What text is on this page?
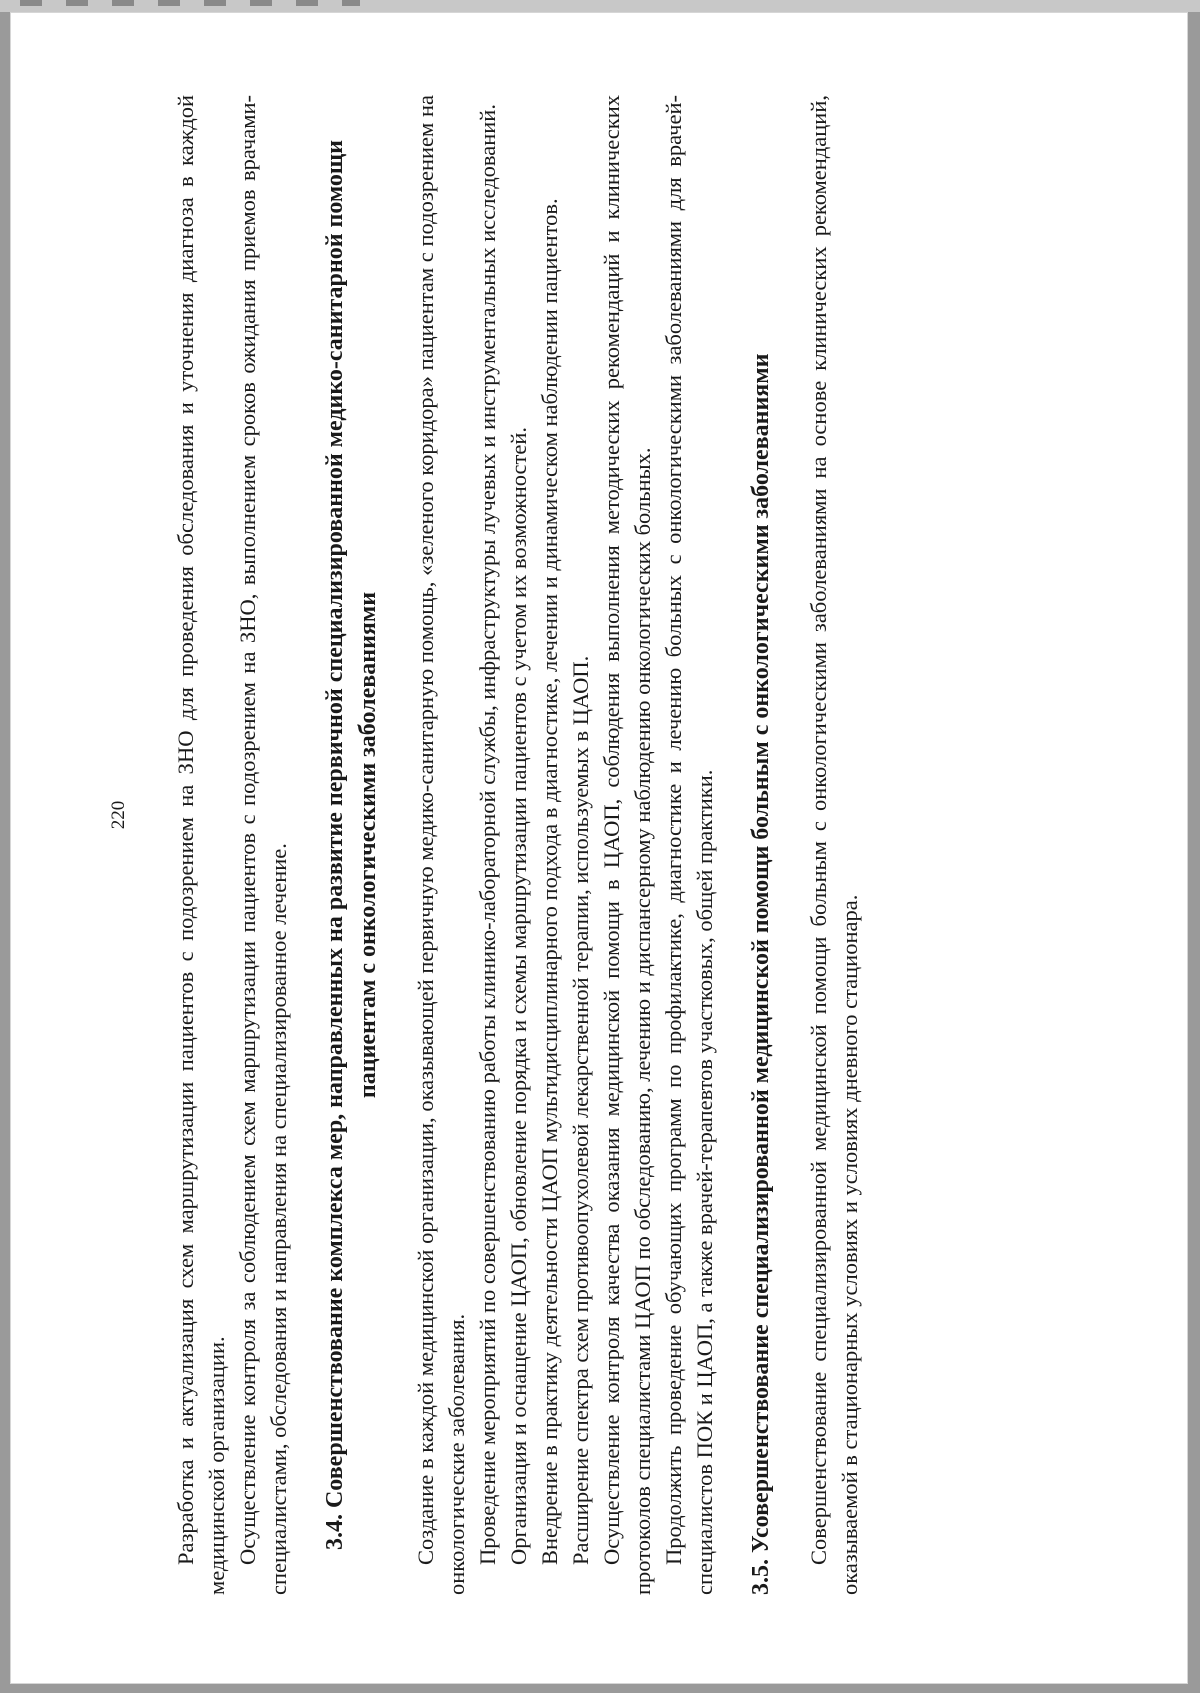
220 Разработка и актуализация схем маршрутизации пациентов с подозрением на ЗНО для проведения обследования и уточнения диагноза в каждой медицинской организации. Осуществление контроля за соблюдением схем маршрутизации пациентов с подозрением на ЗНО, выполнением сроков ожидания приемов врачами-специалистами, обследования и направления на специализированное лечение. 3.4. Совершенствование комплекса мер, направленных на развитие первичной специализированной медико-санитарной помощи пациентам с онкологическими заболеваниями Создание в каждой медицинской организации, оказывающей первичную медико-санитарную помощь, «зеленого коридора» пациентам с подозрением на онкологические заболевания. Проведение мероприятий по совершенствованию работы клинико-лабораторной службы, инфраструктуры лучевых и инструментальных исследований. Организация и оснащение ЦАОП, обновление порядка и схемы маршрутизации пациентов с учетом их возможностей. Внедрение в практику деятельности ЦАОП мультидисциплинарного подхода в диагностике, лечении и динамическом наблюдении пациентов. Расширение спектра схем противоопухолевой лекарственной терапии, используемых в ЦАОП. Осуществление контроля качества оказания медицинской помощи в ЦАОП, соблюдения выполнения методических рекомендаций и клинических протоколов специалистами ЦАОП по обследованию, лечению и диспансерному наблюдению онкологических больных. Продолжить проведение обучающих программ по профилактике, диагностике и лечению больных с онкологическими заболеваниями для врачей-специалистов ПОК и ЦАОП, а также врачей-терапевтов участковых, общей практики. 3.5. Усовершенствование специализированной медицинской помощи больным с онкологическими заболеваниями Совершенствование специализированной медицинской помощи больным с онкологическими заболеваниями на основе клинических рекомендаций, оказываемой в стационарных условиях и условиях дневного стационара.
